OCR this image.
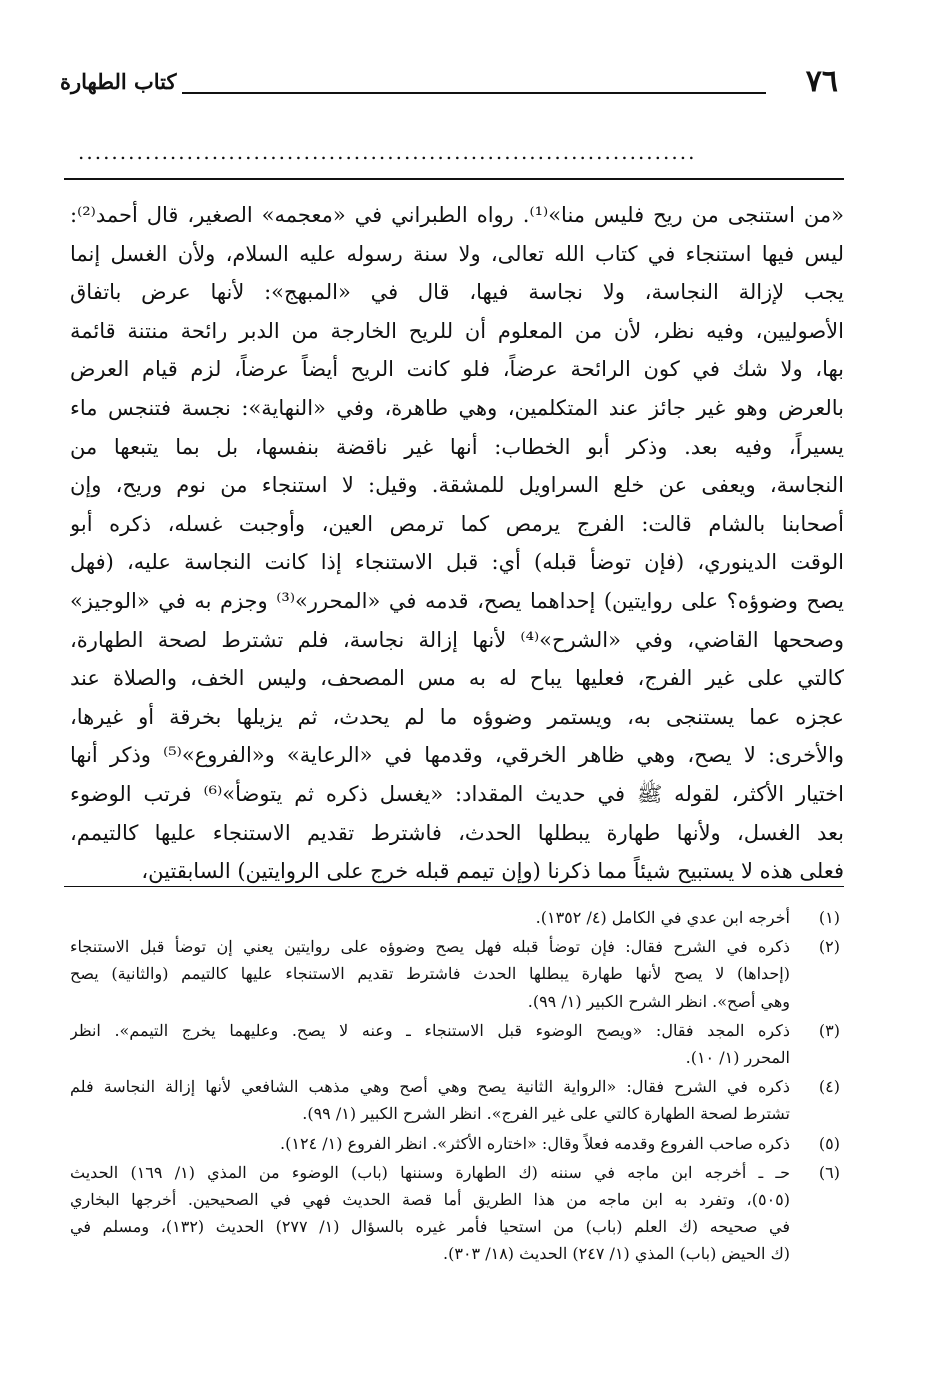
٧٦
كتاب الطهارة
..........................................................................
«من استنجى من ريح فليس منا»⁽¹⁾. رواه الطبراني في «معجمه» الصغير، قال أحمد⁽²⁾:
ليس فيها استنجاء في كتاب الله تعالى، ولا سنة رسوله عليه السلام، ولأن الغسل إنما
يجب لإزالة النجاسة، ولا نجاسة فيها، قال في «المبهج»: لأنها عرض باتفاق
الأصوليين، وفيه نظر، لأن من المعلوم أن للريح الخارجة من الدبر رائحة منتنة قائمة
بها، ولا شك في كون الرائحة عرضاً، فلو كانت الريح أيضاً عرضاً، لزم قيام العرض
بالعرض وهو غير جائز عند المتكلمين، وهي طاهرة، وفي «النهاية»: نجسة فتنجس ماء
يسيراً، وفيه بعد. وذكر أبو الخطاب: أنها غير ناقضة بنفسها، بل بما يتبعها من
النجاسة، ويعفى عن خلع السراويل للمشقة. وقيل: لا استنجاء من نوم وريح، وإن
أصحابنا بالشام قالت: الفرج يرمص كما ترمص العين، وأوجبت غسله، ذكره أبو
الوقت الدينوري، (فإن توضأ قبله) أي: قبل الاستنجاء إذا كانت النجاسة عليه، (فهل
يصح وضوؤه؟ على روايتين) إحداهما يصح، قدمه في «المحرر»⁽³⁾ وجزم به في «الوجيز»
وصححها القاضي، وفي «الشرح»⁽⁴⁾ لأنها إزالة نجاسة، فلم تشترط لصحة الطهارة،
كالتي على غير الفرج، فعليها يباح له به مس المصحف، وليس الخف، والصلاة عند
عجزه عما يستنجى به، ويستمر وضوؤه ما لم يحدث، ثم يزيلها بخرقة أو غيرها،
والأخرى: لا يصح، وهي ظاهر الخرقي، وقدمها في «الرعاية» و«الفروع»⁽⁵⁾ وذكر أنها
اختيار الأكثر، لقوله ﷺ في حديث المقداد: «يغسل ذكره ثم يتوضأ»⁽⁶⁾ فرتب الوضوء
بعد الغسل، ولأنها طهارة يبطلها الحدث، فاشترط تقديم الاستنجاء عليها كالتيمم،
فعلى هذه لا يستبيح شيئاً مما ذكرنا (وإن تيمم قبله خرج على الروايتين) السابقتين،
(١)
أخرجه ابن عدي في الكامل (٤/ ١٣٥٢).
(٢)
ذكره في الشرح فقال: فإن توضأ قبله فهل يصح وضوؤه على روايتين يعني إن توضأ قبل الاستنجاء
(إحداها) لا يصح لأنها طهارة يبطلها الحدث فاشترط تقديم الاستنجاء عليها كالتيمم (والثانية) يصح
وهي أصح». انظر الشرح الكبير (١/ ٩٩).
(٣)
ذكره المجد فقال: «ويصح الوضوء قبل الاستنجاء ـ وعنه لا يصح. وعليهما يخرج التيمم». انظر
المحرر (١/ ١٠).
(٤)
ذكره في الشرح فقال: «الرواية الثانية يصح وهي أصح وهي مذهب الشافعي لأنها إزالة النجاسة فلم
تشترط لصحة الطهارة كالتي على غير الفرج». انظر الشرح الكبير (١/ ٩٩).
(٥)
ذكره صاحب الفروع وقدمه فعلاً وقال: «اختاره الأكثر». انظر الفروع (١/ ١٢٤).
(٦)
حـ ـ أخرجه ابن ماجه في سننه (ك الطهارة وسننها (باب) الوضوء من المذي (١/ ١٦٩) الحديث
(٥٠٥)، وتفرد به ابن ماجه من هذا الطريق أما قصة الحديث فهي في الصحيحين. أخرجها البخاري
في صحيحه (ك العلم (باب) من استحيا فأمر غيره بالسؤال (١/ ٢٧٧) الحديث (١٣٢)، ومسلم في
(ك الحيض (باب) المذي (١/ ٢٤٧) الحديث (١٨/ ٣٠٣).
